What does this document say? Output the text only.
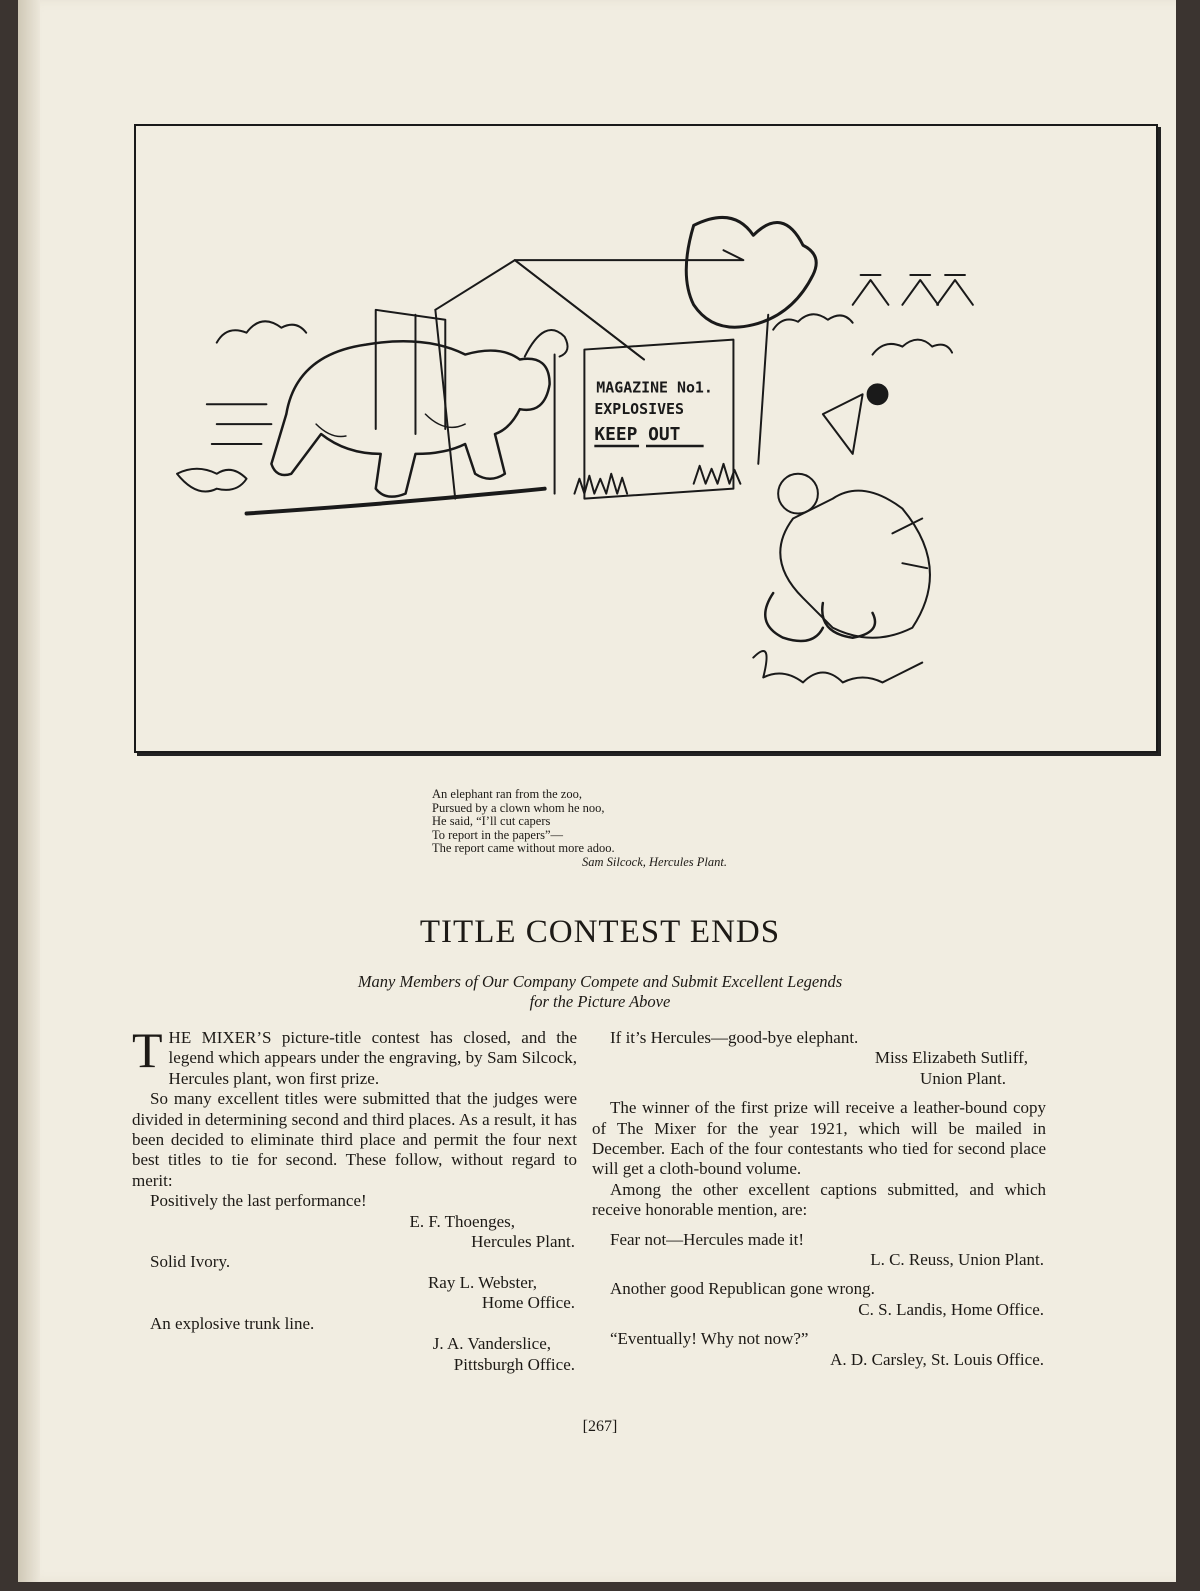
MAGAZINE No1.
EXPLOSIVES
KEEP OUT
An elephant ran from the zoo,
Pursued by a clown whom he noo,
He said, “I’ll cut capers
To report in the papers”—
The report came without more adoo.
Sam Silcock, Hercules Plant.
TITLE CONTEST ENDS
Many Members of Our Company Compete and Submit Excellent Legends
for the Picture Above

THE MIXER’S picture-title contest has closed, and the legend which appears under the engraving, by Sam Silcock, Hercules plant, won first prize.

So many excellent titles were submitted that the judges were divided in determining second and third places. As a result, it has been decided to eliminate third place and permit the four next best titles to tie for second. These follow, without regard to merit:

Positively the last performance!
E. F. Thoenges,
Hercules Plant.
Solid Ivory.
Ray L. Webster,
Home Office.
An explosive trunk line.
J. A. Vanderslice,
Pittsburgh Office.
If it’s Hercules—good-bye elephant.
Miss Elizabeth Sutliff,
Union Plant.

The winner of the first prize will receive a leather-bound copy of The Mixer for the year 1921, which will be mailed in December. Each of the four contestants who tied for second place will get a cloth-bound volume.

Among the other excellent captions submitted, and which receive honorable mention, are:

Fear not—Hercules made it!
L. C. Reuss, Union Plant.
Another good Republican gone wrong.
C. S. Landis, Home Office.
“Eventually! Why not now?”
A. D. Carsley, St. Louis Office.
[267]
